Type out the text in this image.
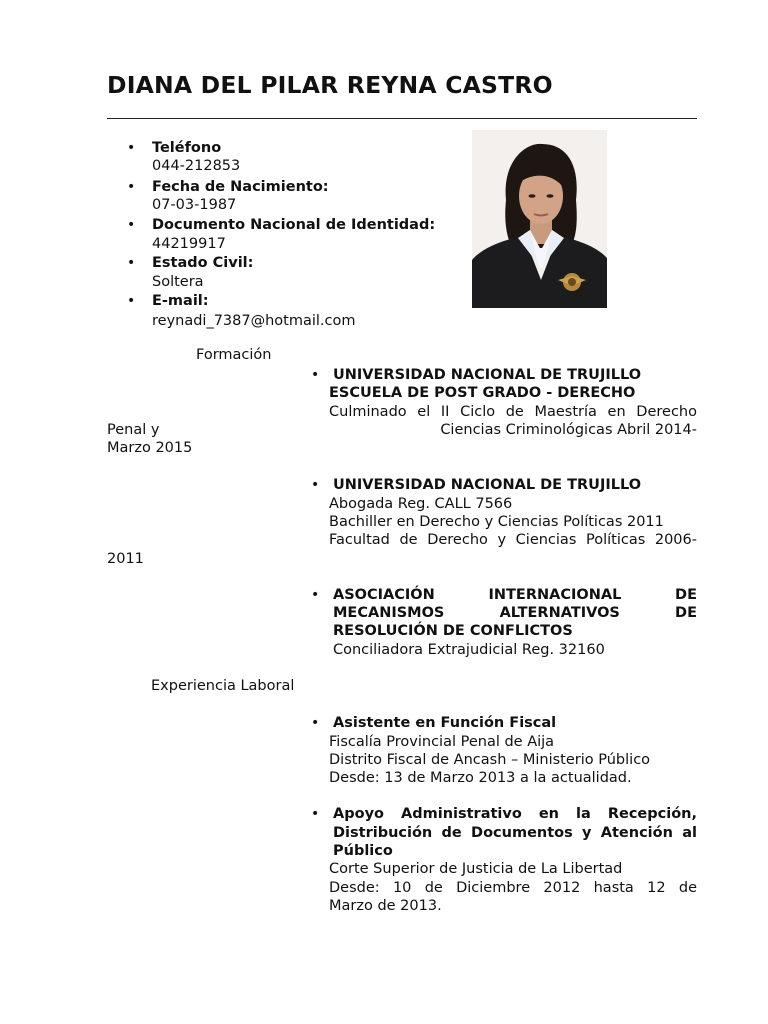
DIANA DEL PILAR REYNA CASTRO
• Teléfono
044-212853
• Fecha de Nacimiento:
07-03-1987
• Documento Nacional de Identidad:
44219917
• Estado Civil:
Soltera
• E-mail:
reynadi_7387@hotmail.com
Formación
• UNIVERSIDAD NACIONAL DE TRUJILLO
ESCUELA DE POST GRADO - DERECHO
Culminado el II Ciclo de Maestría en Derecho
Penal y	Ciencias Criminológicas Abril 2014-
Marzo 2015
• UNIVERSIDAD NACIONAL DE TRUJILLO
Abogada Reg. CALL 7566
Bachiller en Derecho y Ciencias Políticas 2011
Facultad de Derecho y Ciencias Políticas 2006-
2011
• ASOCIACIÓN INTERNACIONAL DE
MECANISMOS ALTERNATIVOS DE
RESOLUCIÓN DE CONFLICTOS
Conciliadora Extrajudicial Reg. 32160
Experiencia Laboral
• Asistente en Función Fiscal
Fiscalía Provincial Penal de Aija
Distrito Fiscal de Ancash – Ministerio Público
Desde: 13 de Marzo 2013 a la actualidad.
• Apoyo Administrativo en la Recepción,
Distribución de Documentos y Atención al
Público
Corte Superior de Justicia de La Libertad
Desde: 10 de Diciembre 2012 hasta 12 de
Marzo de 2013.
